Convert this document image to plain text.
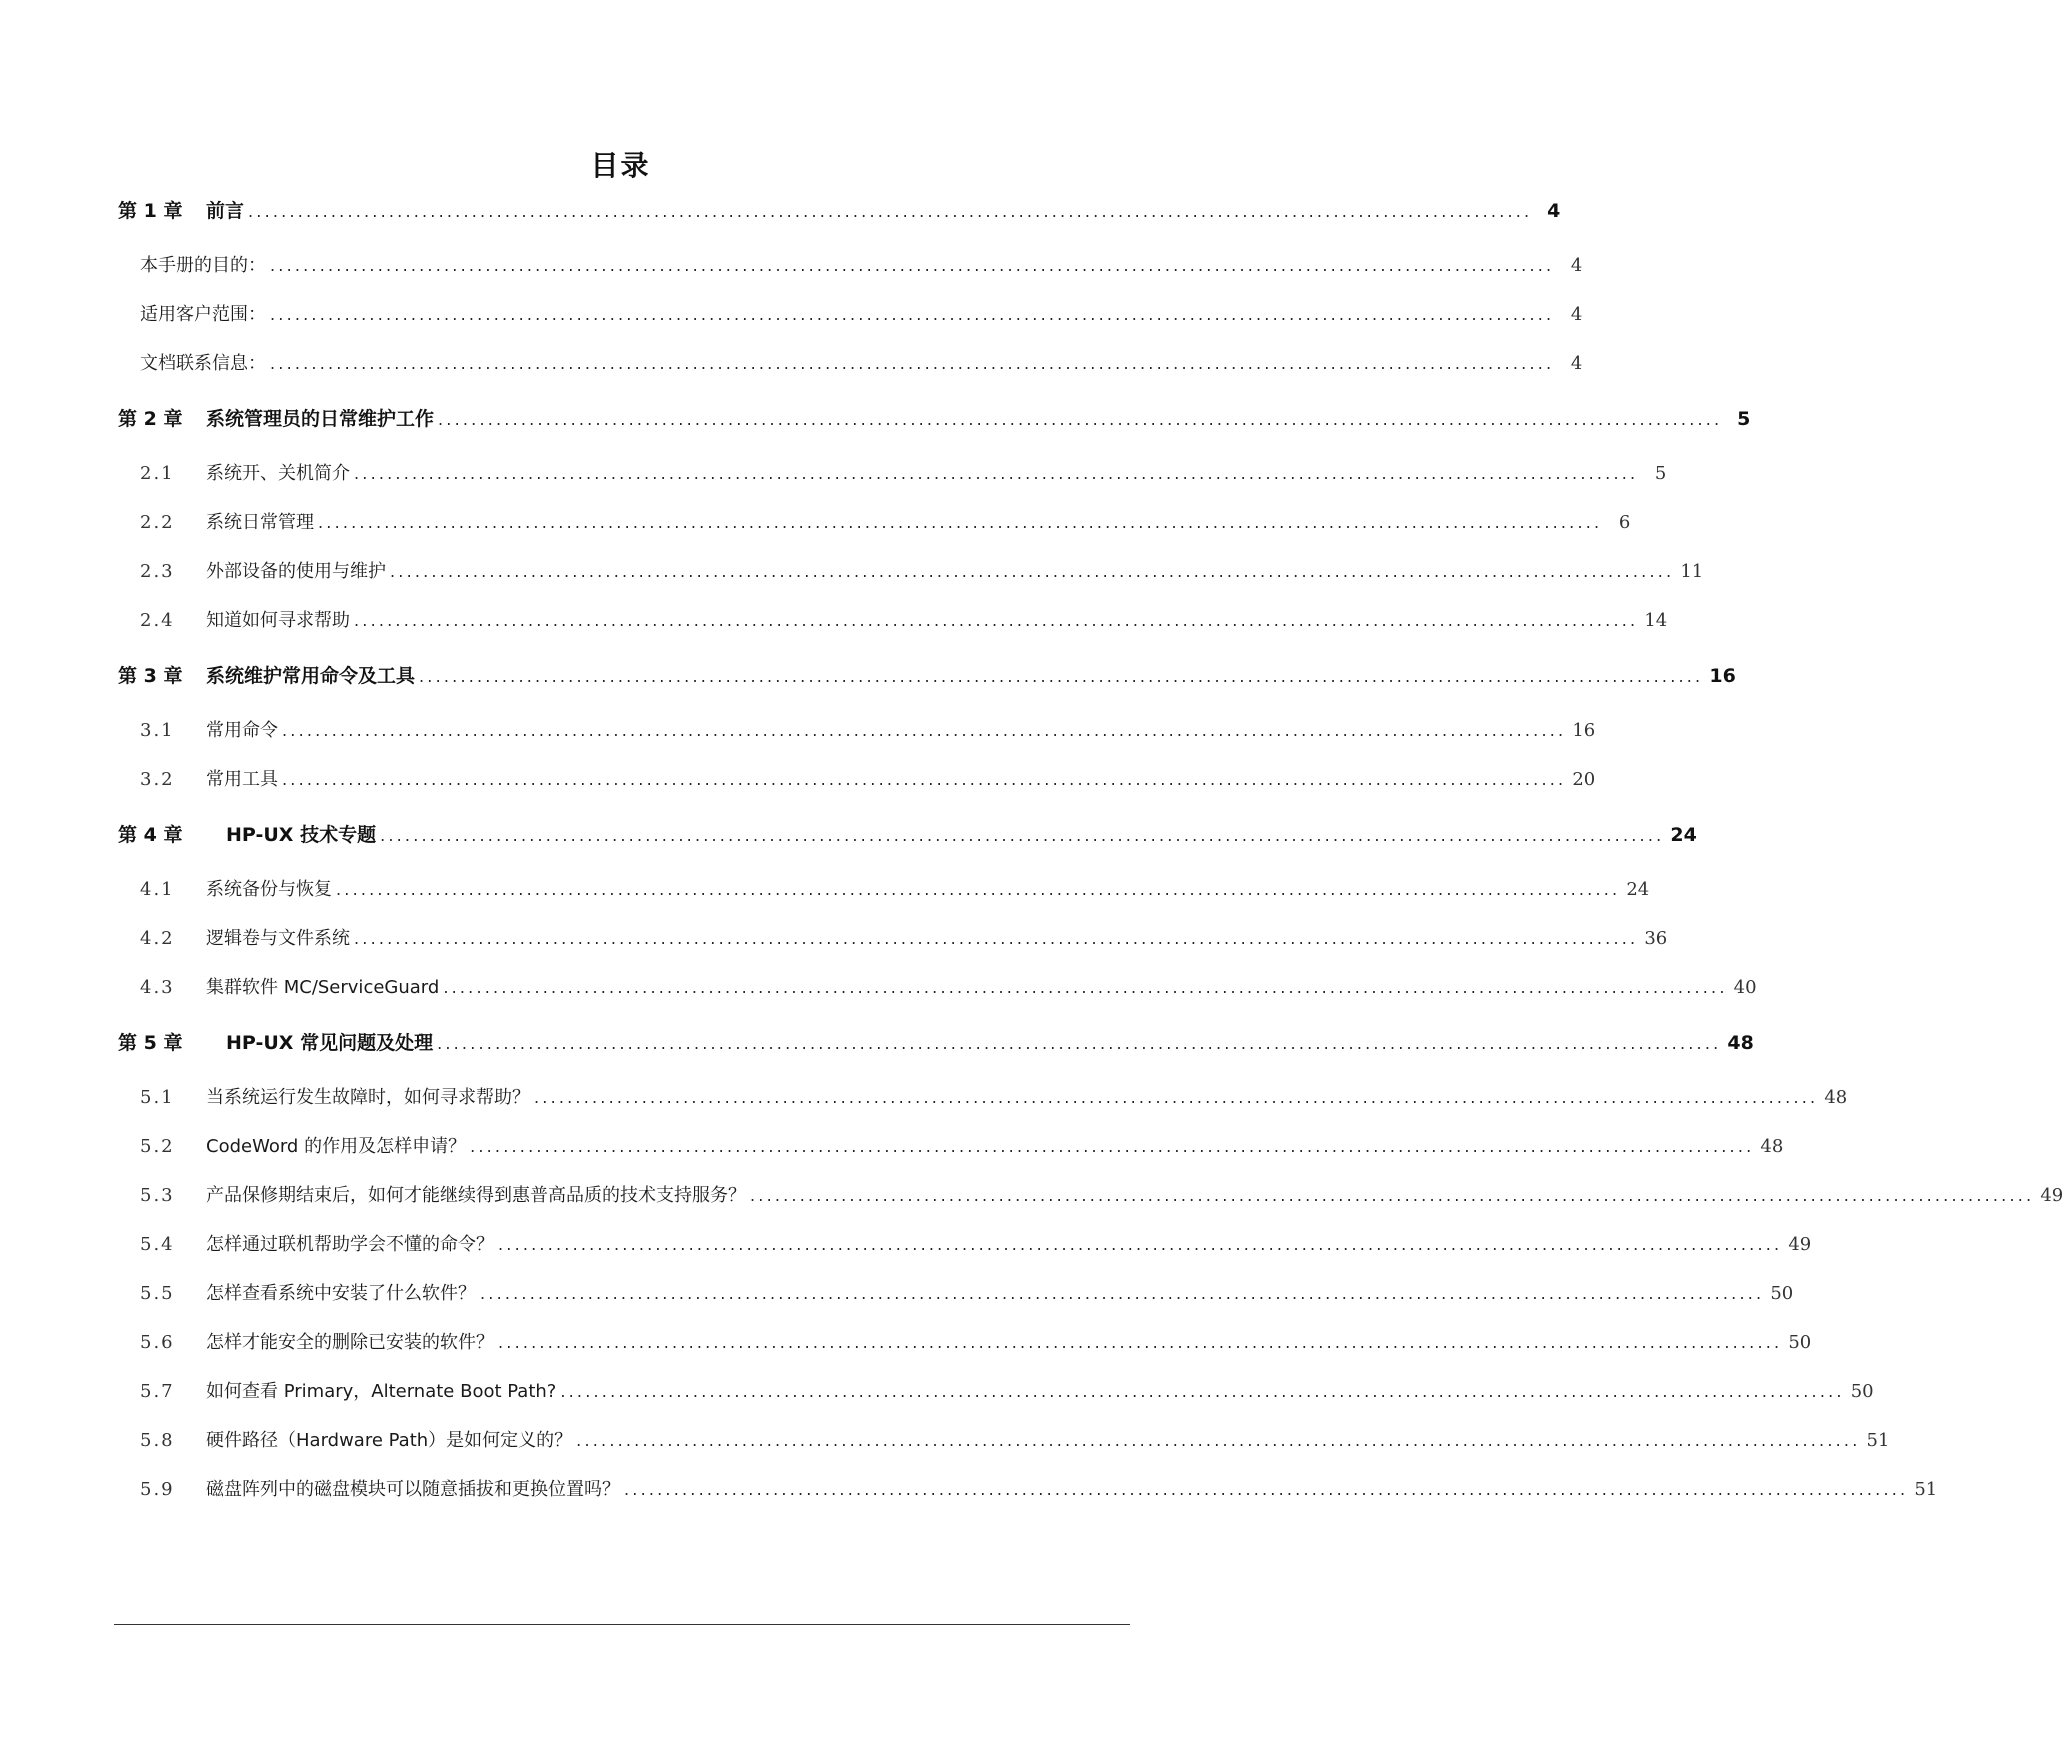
目录
第 1 章	前言 ........................................................................................................................................................... 4
本手册的目的： ........................................................................................................................................................... 4
适用客户范围： ........................................................................................................................................................... 4
文档联系信息： ........................................................................................................................................................... 4
第 2 章	系统管理员的日常维护工作 ........................................................................................................................................................... 5
2.1	系统开、关机简介 ........................................................................................................................................................... 5
2.2	系统日常管理 ........................................................................................................................................................... 6
2.3	外部设备的使用与维护 ........................................................................................................................................................... 11
2.4	知道如何寻求帮助 ........................................................................................................................................................... 14
第 3 章	系统维护常用命令及工具 ........................................................................................................................................................... 16
3.1	常用命令 ........................................................................................................................................................... 16
3.2	常用工具 ........................................................................................................................................................... 20
第 4 章	HP-UX 技术专题 ........................................................................................................................................................... 24
4.1	系统备份与恢复 ........................................................................................................................................................... 24
4.2	逻辑卷与文件系统 ........................................................................................................................................................... 36
4.3	集群软件 MC/ServiceGuard ........................................................................................................................................................... 40
第 5 章	HP-UX 常见问题及处理 ........................................................................................................................................................... 48
5.1	当系统运行发生故障时，如何寻求帮助？ ........................................................................................................................................................... 48
5.2	CodeWord 的作用及怎样申请？ ........................................................................................................................................................... 48
5.3	产品保修期结束后，如何才能继续得到惠普高品质的技术支持服务？ ........................................................................................................................................................... 49
5.4	怎样通过联机帮助学会不懂的命令？ ........................................................................................................................................................... 49
5.5	怎样查看系统中安装了什么软件？ ........................................................................................................................................................... 50
5.6	怎样才能安全的删除已安装的软件？ ........................................................................................................................................................... 50
5.7	如何查看 Primary，Alternate Boot Path? ........................................................................................................................................................... 50
5.8	硬件路径（Hardware Path）是如何定义的？ ........................................................................................................................................................... 51
5.9	磁盘阵列中的磁盘模块可以随意插拔和更换位置吗？ ........................................................................................................................................................... 51
